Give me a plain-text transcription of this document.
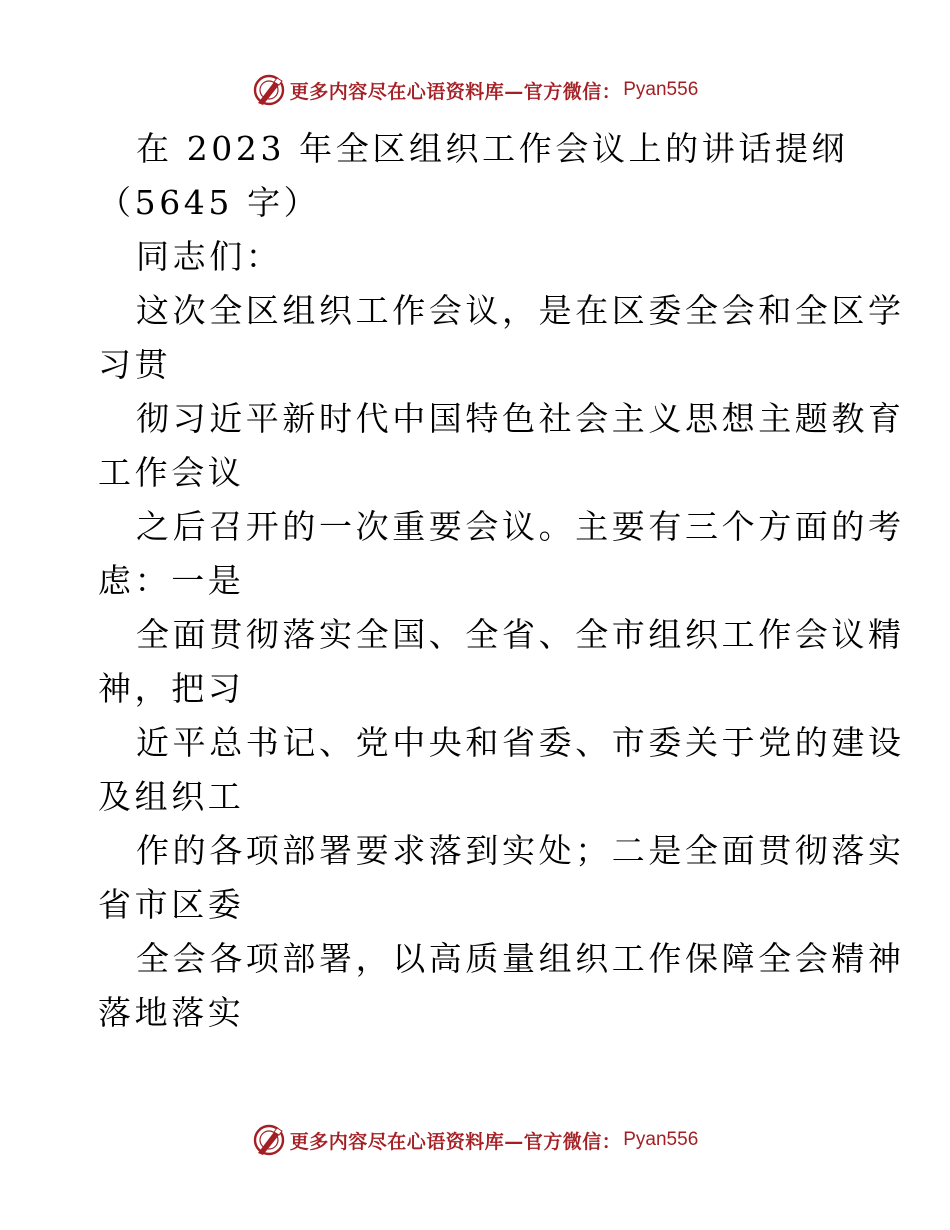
更多内容尽在心语资料库—官方微信： Pyan556
在 2023 年全区组织工作会议上的讲话提纲
（5645 字）
同志们：
这次全区组织工作会议，是在区委全会和全区学
习贯
彻习近平新时代中国特色社会主义思想主题教育
工作会议
之后召开的一次重要会议。主要有三个方面的考
虑：一是
全面贯彻落实全国、全省、全市组织工作会议精
神，把习
近平总书记、党中央和省委、市委关于党的建设
及组织工
作的各项部署要求落到实处；二是全面贯彻落实
省市区委
全会各项部署，以高质量组织工作保障全会精神
落地落实
更多内容尽在心语资料库—官方微信： Pyan556
